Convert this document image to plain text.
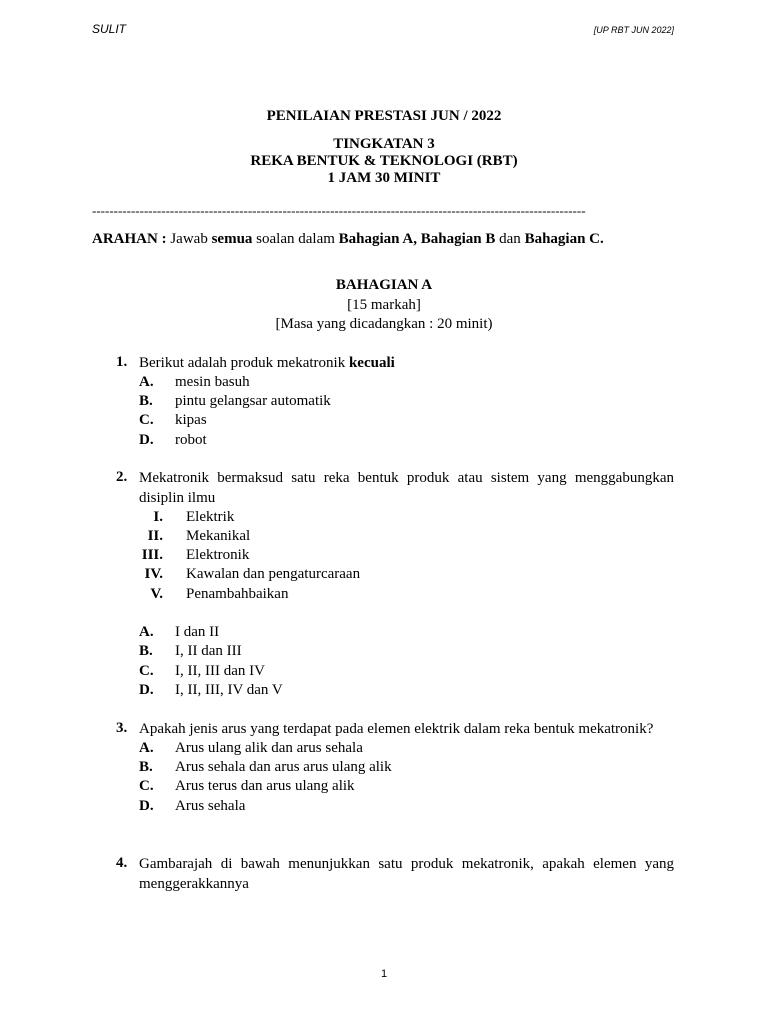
SULIT	[UP RBT JUN 2022]
PENILAIAN PRESTASI JUN / 2022
TINGKATAN 3
REKA BENTUK & TEKNOLOGI (RBT)
1 JAM 30 MINIT
------------------------------------------------------------------------------------------------------------------
ARAHAN : Jawab semua soalan dalam Bahagian A, Bahagian B dan Bahagian C.
BAHAGIAN A
[15 markah]
[Masa yang dicadangkan : 20 minit)
1. Berikut adalah produk mekatronik kecuali
A. mesin basuh
B. pintu gelangsar automatik
C. kipas
D. robot
2. Mekatronik bermaksud satu reka bentuk produk atau sistem yang menggabungkan disiplin ilmu
I. Elektrik
II. Mekanikal
III. Elektronik
IV. Kawalan dan pengaturcaraan
V. Penambahbaikan
A. I dan II
B. I, II dan III
C. I, II, III dan IV
D. I, II, III, IV dan V
3. Apakah jenis arus yang terdapat pada elemen elektrik dalam reka bentuk mekatronik?
A. Arus ulang alik dan arus sehala
B. Arus sehala dan arus arus ulang alik
C. Arus terus dan arus ulang alik
D. Arus sehala
4. Gambarajah di bawah menunjukkan satu produk mekatronik, apakah elemen yang menggerakkannya
1
